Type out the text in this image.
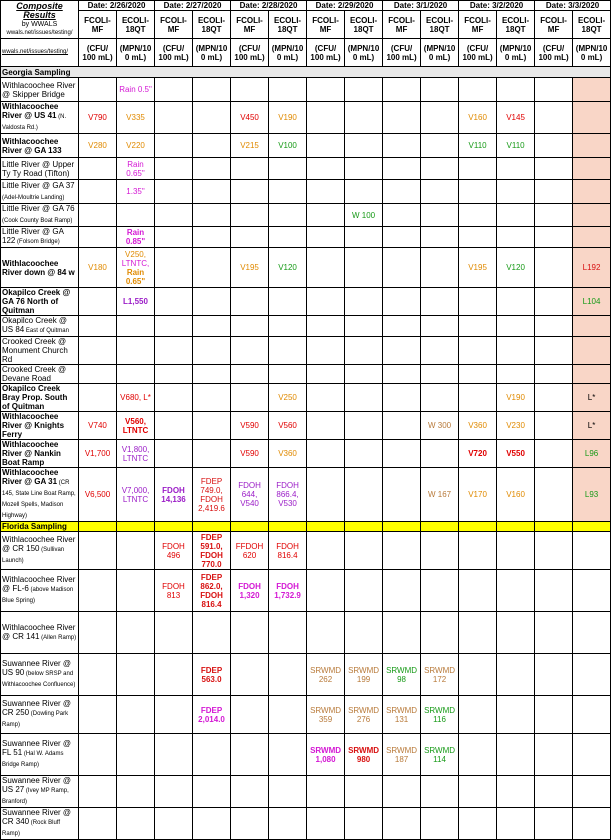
Composite Results
by WWALS
wwals.net/issues/testing/	Date: 2/26/2020		Date: 2/27/2020		Date: 2/28/2020		Date: 2/29/2020		Date: 3/1/2020		Date: 3/2/2020		Date: 3/3/2020	
	FCOLI-MF	ECOLI-18QT	FCOLI-MF	ECOLI-18QT	FCOLI-MF	ECOLI-18QT	FCOLI-MF	ECOLI-18QT	FCOLI-MF	ECOLI-18QT	FCOLI-MF	ECOLI-18QT	FCOLI-MF	ECOLI-18QT
wwals.net/issues/testing/	(CFU/ 100 mL)	(MPN/10 0 mL)	(CFU/ 100 mL)	(MPN/10 0 mL)	(CFU/ 100 mL)	(MPN/10 0 mL)	(CFU/ 100 mL)	(MPN/10 0 mL)	(CFU/ 100 mL)	(MPN/10 0 mL)	(CFU/ 100 mL)	(MPN/10 0 mL)	(CFU/ 100 mL)	(MPN/10 0 mL)
Georgia Sampling														
Withlacoochee River @ Skipper Bridge		Rain 0.5"												
Withlacoochee River @ US 41 (N. Valdosta Rd.)	V790	V335			V450	V190					V160	V145		
Withlacoochee River @ GA 133	V280	V220			V215	V100					V110	V110		
Little River @ Upper Ty Ty Road (Tifton)		Rain 0.65"												
Little River @ GA 37 (Adel-Moultrie Landing)		1.35"												
Little River @ GA 76 (Cook County Boat Ramp)								W 100						
Little River @ GA 122 (Folsom Bridge)		Rain 0.85"												
Withlacoochee River down @ 84 w	V180	V250,
LTNTC,
Rain 0.65"			V195	V120					V195	V120		L192
Okapilco Creek @ GA 76 North of Quitman		L1,550												L104
Okapilco Creek @ US 84 East of Quitman														
Crooked Creek @ Monument Church Rd														
Crooked Creek @ Devane Road														
Okapilco Creek Bray Prop. South of Quitman		V680, L*				V250						V190		L*
Withlacoochee River @ Knights Ferry	V740	V560, LTNTC			V590	V560				W 300	V360	V230		L*
Withlacoochee River @ Nankin Boat Ramp	V1,700	V1,800, LTNTC			V590	V360					V720	V550		L96
Withlacoochee River @ GA 31 (CR 145, State Line Boat Ramp, Mozell Spells, Madison Highway)	V6,500	V7,000, LTNTC	FDOH 14,136	FDEP 749.0, FDOH 2,419.6	FDOH 644, V540	FDOH 866.4, V530				W 167	V170	V160		L93
Florida Sampling														
Withlacoochee River @ CR 150 (Sullivan Launch)			FDOH 496	FDEP 591.0, FDOH 770.0	FFDOH 620	FDOH 816.4								
Withlacoochee River @ FL-6 (above Madison Blue Spring)			FDOH 813	FDEP 862.0, FDOH 816.4	FDOH 1,320	FDOH 1,732.9								
Withlacoochee River @ CR 141 (Allen Ramp)														
Suwannee River @ US 90 (below SRSP and Withlacoochee Confluence)				FDEP 563.0			SRWMD 262	SRWMD 199	SRWMD 98	SRWMD 172				
Suwannee River @ CR 250 (Dowling Park Ramp)				FDEP 2,014.0			SRWMD 359	SRWMD 276	SRWMD 131	SRWMD 116				
Suwannee River @ FL 51 (Hal W. Adams Bridge Ramp)							SRWMD 1,080	SRWMD 980	SRWMD 187	SRWMD 114				
Suwannee River @ US 27 (Ivey MP Ramp, Branford)														
Suwannee River @ CR 340 (Rock Bluff Ramp)														
